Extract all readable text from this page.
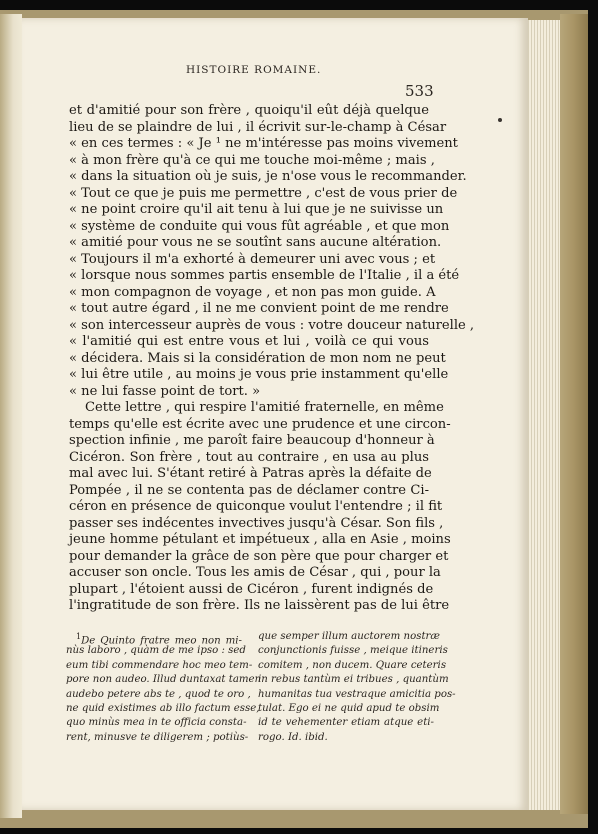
HISTOIRE ROMAINE.
533
et d'amitié pour son frère , quoiqu'il eût déjà quelque
lieu de se plaindre de lui , il écrivit sur-le-champ à César
« en ces termes : « Je ¹ ne m'intéresse pas moins vivement
« à mon frère qu'à ce qui me touche moi-même ; mais ,
« dans la situation où je suis, je n'ose vous le recommander.
« Tout ce que je puis me permettre , c'est de vous prier de
« ne point croire qu'il ait tenu à lui que je ne suivisse un
« système de conduite qui vous fût agréable , et que mon
« amitié pour vous ne se soutînt sans aucune altération.
« Toujours il m'a exhorté à demeurer uni avec vous ; et
« lorsque nous sommes partis ensemble de l'Italie , il a été
« mon compagnon de voyage , et non pas mon guide. A
« tout autre égard , il ne me convient point de me rendre
« son intercesseur auprès de vous : votre douceur naturelle ,
« l'amitié qui est entre vous et lui , voilà ce qui vous
« décidera. Mais si la considération de mon nom ne peut
« lui être utile , au moins je vous prie instamment qu'elle
« ne lui fasse point de tort. »
Cette lettre , qui respire l'amitié fraternelle, en même
temps qu'elle est écrite avec une prudence et une circon-
spection infinie , me paroît faire beaucoup d'honneur à
Cicéron. Son frère , tout au contraire , en usa au plus
mal avec lui. S'étant retiré à Patras après la défaite de
Pompée , il ne se contenta pas de déclamer contre Ci-
céron en présence de quiconque voulut l'entendre ; il fit
passer ses indécentes invectives jusqu'à César. Son fils ,
jeune homme pétulant et impétueux , alla en Asie , moins
pour demander la grâce de son père que pour charger et
accuser son oncle. Tous les amis de César , qui , pour la
plupart , l'étoient aussi de Cicéron , furent indignés de
l'ingratitude de son frère. Ils ne laissèrent pas de lui être
$^1$De Quinto fratre meo non mi-
nùs laboro , quàm de me ipso : sed
eum tibi commendare hoc meo tem-
pore non audeo. Illud duntaxat tamen
audebo petere abs te , quod te oro ,
ne quid existimes ab illo factum esse,
quo minùs mea in te officia consta-
rent, minusve te diligerem ; potiùs-
que semper illum auctorem nostræ
conjunctionis fuisse , meique itineris
comitem , non ducem. Quare ceteris
in rebus tantùm ei tribues , quantùm
humanitas tua vestraque amicitia pos-
tulat. Ego ei ne quid apud te obsim
id te vehementer etiam atque eti-
rogo. Id. ibid.
